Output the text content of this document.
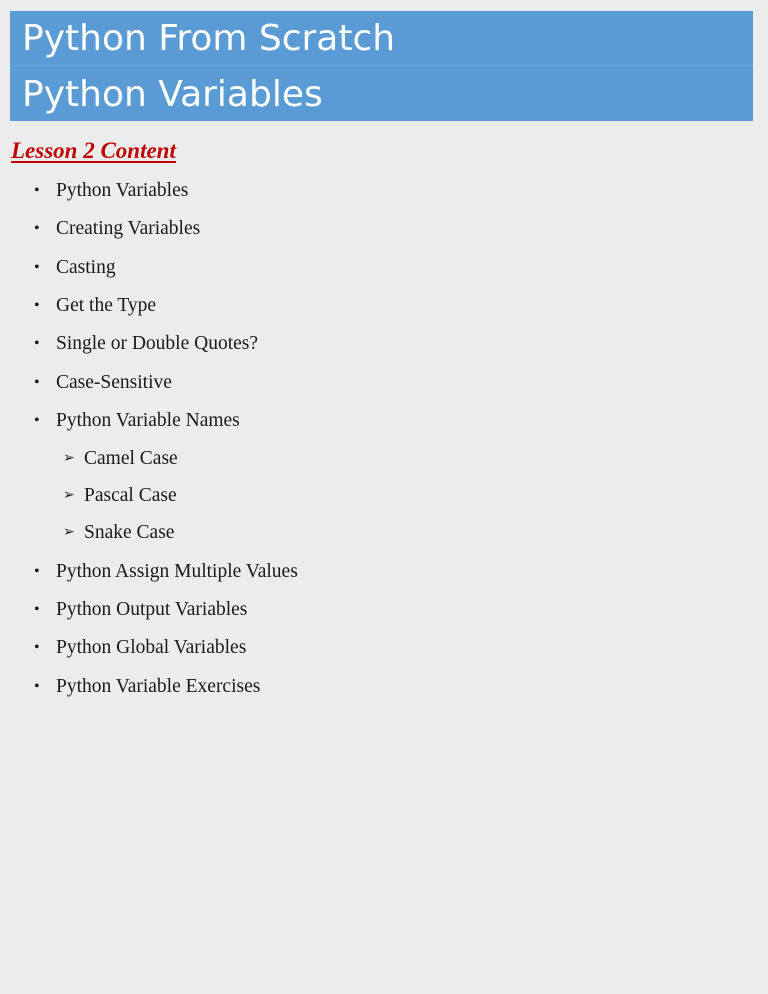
Python From Scratch
Python Variables
Lesson 2 Content
• Python Variables
• Creating Variables
• Casting
• Get the Type
• Single or Double Quotes?
• Case-Sensitive
• Python Variable Names
➢ Camel Case
➢ Pascal Case
➢ Snake Case
• Python Assign Multiple Values
• Python Output Variables
• Python Global Variables
• Python Variable Exercises
